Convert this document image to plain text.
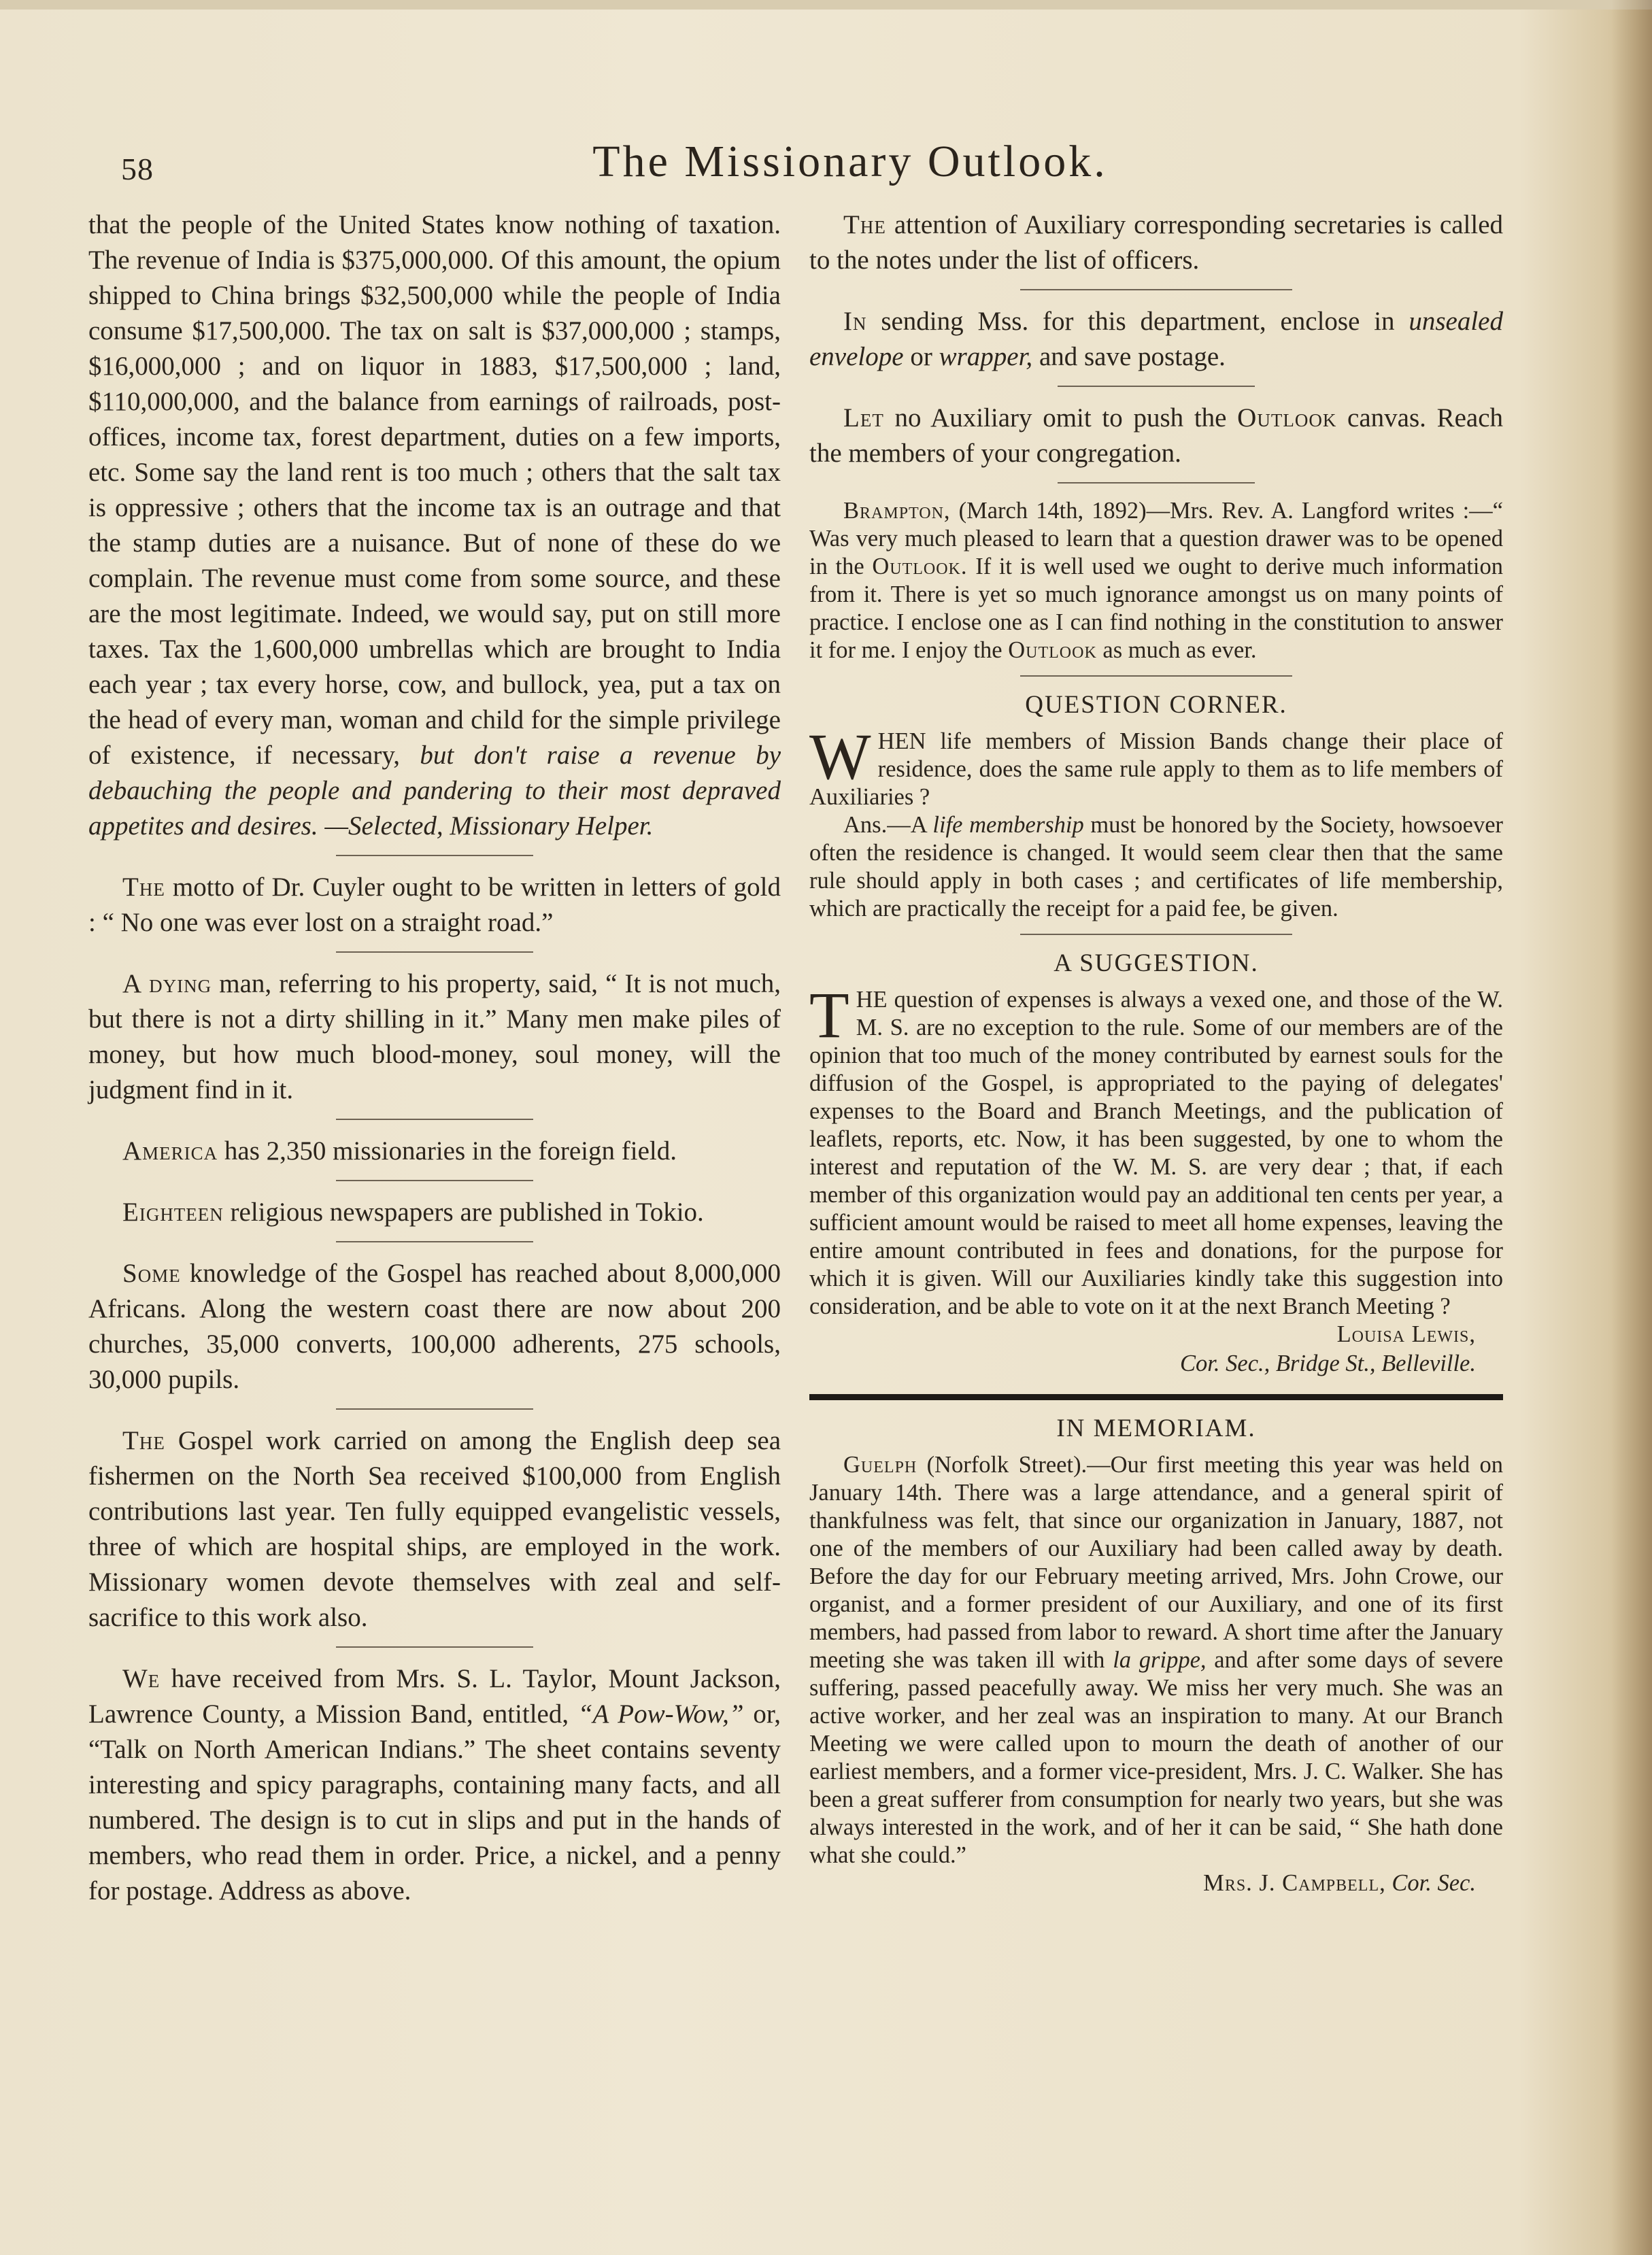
58	The Missionary Outlook.

that the people of the United States know nothing of taxation. The revenue of India is $375,000,000. Of this amount, the opium shipped to China brings $32,500,000 while the people of India consume $17,500,000. The tax on salt is $37,000,000 ; stamps, $16,000,000 ; and on liquor in 1883, $17,500,000 ; land, $110,000,000, and the balance from earnings of railroads, post-offices, income tax, forest department, duties on a few imports, etc. Some say the land rent is too much ; others that the salt tax is oppressive ; others that the income tax is an outrage and that the stamp duties are a nuisance. But of none of these do we complain. The revenue must come from some source, and these are the most legitimate. Indeed, we would say, put on still more taxes. Tax the 1,600,000 umbrellas which are brought to India each year ; tax every horse, cow, and bullock, yea, put a tax on the head of every man, woman and child for the simple privilege of existence, if necessary, but don't raise a revenue by debauching the people and pandering to their most depraved appetites and desires. —Selected, Missionary Helper.

The motto of Dr. Cuyler ought to be written in letters of gold : “ No one was ever lost on a straight road.”

A dying man, referring to his property, said, “ It is not much, but there is not a dirty shilling in it.” Many men make piles of money, but how much blood-money, soul money, will the judgment find in it.

America has 2,350 missionaries in the foreign field.

Eighteen religious newspapers are published in Tokio.

Some knowledge of the Gospel has reached about 8,000,000 Africans. Along the western coast there are now about 200 churches, 35,000 converts, 100,000 adherents, 275 schools, 30,000 pupils.

The Gospel work carried on among the English deep sea fishermen on the North Sea received $100,000 from English contributions last year. Ten fully equipped evangelistic vessels, three of which are hospital ships, are employed in the work. Missionary women devote themselves with zeal and self-sacrifice to this work also.

We have received from Mrs. S. L. Taylor, Mount Jackson, Lawrence County, a Mission Band, entitled, “A Pow-Wow,” or, “Talk on North American Indians.” The sheet contains seventy interesting and spicy paragraphs, containing many facts, and all numbered. The design is to cut in slips and put in the hands of members, who read them in order. Price, a nickel, and a penny for postage. Address as above.

The attention of Auxiliary corresponding secretaries is called to the notes under the list of officers.

In sending Mss. for this department, enclose in unsealed envelope or wrapper, and save postage.

Let no Auxiliary omit to push the Outlook canvas. Reach the members of your congregation.

Brampton, (March 14th, 1892)—Mrs. Rev. A. Langford writes :—“ Was very much pleased to learn that a question drawer was to be opened in the Outlook. If it is well used we ought to derive much information from it. There is yet so much ignorance amongst us on many points of practice. I enclose one as I can find nothing in the constitution to answer it for me. I enjoy the Outlook as much as ever.

QUESTION CORNER.

W HEN life members of Mission Bands change their place of residence, does the same rule apply to them as to life members of Auxiliaries ?

Ans.—A life membership must be honored by the Society, howsoever often the residence is changed. It would seem clear then that the same rule should apply in both cases ; and certificates of life membership, which are practically the receipt for a paid fee, be given.

A SUGGESTION.

T HE question of expenses is always a vexed one, and those of the W. M. S. are no exception to the rule. Some of our members are of the opinion that too much of the money contributed by earnest souls for the diffusion of the Gospel, is appropriated to the paying of delegates' expenses to the Board and Branch Meetings, and the publication of leaflets, reports, etc. Now, it has been suggested, by one to whom the interest and reputation of the W. M. S. are very dear ; that, if each member of this organization would pay an additional ten cents per year, a sufficient amount would be raised to meet all home expenses, leaving the entire amount contributed in fees and donations, for the purpose for which it is given. Will our Auxiliaries kindly take this suggestion into consideration, and be able to vote on it at the next Branch Meeting ?

Louisa Lewis,
Cor. Sec., Bridge St., Belleville.
IN MEMORIAM.

Guelph (Norfolk Street).—Our first meeting this year was held on January 14th. There was a large attendance, and a general spirit of thankfulness was felt, that since our organization in January, 1887, not one of the members of our Auxiliary had been called away by death. Before the day for our February meeting arrived, Mrs. John Crowe, our organist, and a former president of our Auxiliary, and one of its first members, had passed from labor to reward. A short time after the January meeting she was taken ill with la grippe, and after some days of severe suffering, passed peacefully away. We miss her very much. She was an active worker, and her zeal was an inspiration to many. At our Branch Meeting we were called upon to mourn the death of another of our earliest members, and a former vice-president, Mrs. J. C. Walker. She has been a great sufferer from consumption for nearly two years, but she was always interested in the work, and of her it can be said, “ She hath done what she could.”

Mrs. J. Campbell, Cor. Sec.
